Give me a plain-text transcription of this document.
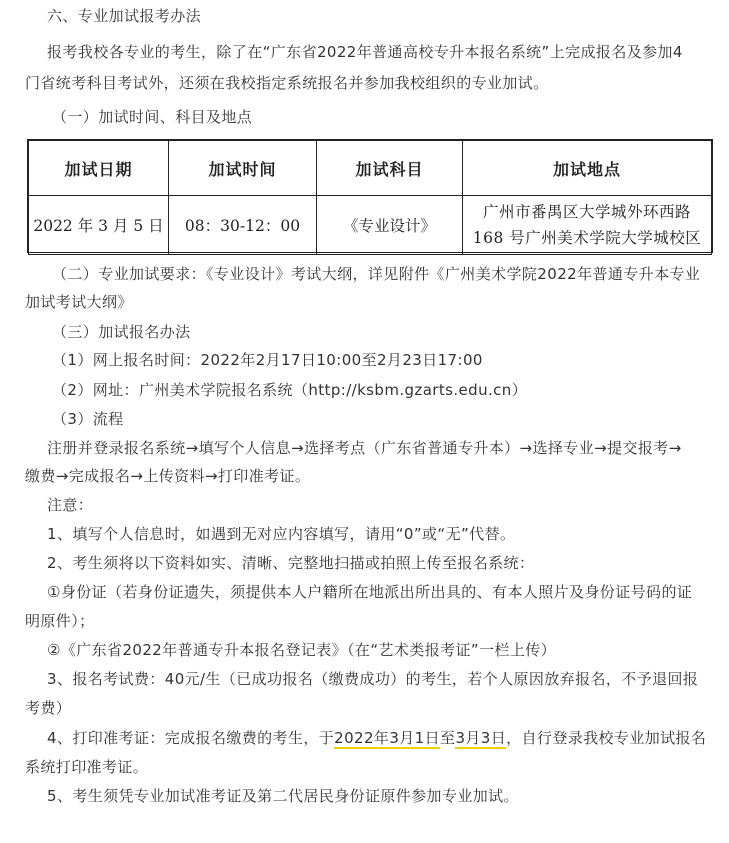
六、专业加试报考办法
报考我校各专业的考生，除了在“广东省2022年普通高校专升本报名系统”上完成报名及参加4
门省统考科目考试外，还须在我校指定系统报名并参加我校组织的专业加试。
（一）加试时间、科目及地点
加试日期	加试时间	加试科目	加试地点
2022 年 3 月 5 日	08：30-12：00	《专业设计》	广州市番禺区大学城外环西路
168 号广州美术学院大学城校区
（二）专业加试要求：《专业设计》考试大纲，详见附件《广州美术学院2022年普通专升本专业
加试考试大纲》
（三）加试报名办法
（1）网上报名时间：2022年2月17日10:00至2月23日17:00
（2）网址：广州美术学院报名系统（http://ksbm.gzarts.edu.cn）
（3）流程
注册并登录报名系统→填写个人信息→选择考点（广东省普通专升本）→选择专业→提交报考→
缴费→完成报名→上传资料→打印准考证。
注意：
1、填写个人信息时，如遇到无对应内容填写，请用“0”或“无”代替。
2、考生须将以下资料如实、清晰、完整地扫描或拍照上传至报名系统：
①身份证（若身份证遗失，须提供本人户籍所在地派出所出具的、有本人照片及身份证号码的证
明原件）；
②《广东省2022年普通专升本报名登记表》（在“艺术类报考证”一栏上传）
3、报名考试费：40元/生（已成功报名（缴费成功）的考生，若个人原因放弃报名，不予退回报
考费）
4、打印准考证：完成报名缴费的考生，于2022年3月1日至3月3日，自行登录我校专业加试报名
系统打印准考证。
5、考生须凭专业加试准考证及第二代居民身份证原件参加专业加试。
